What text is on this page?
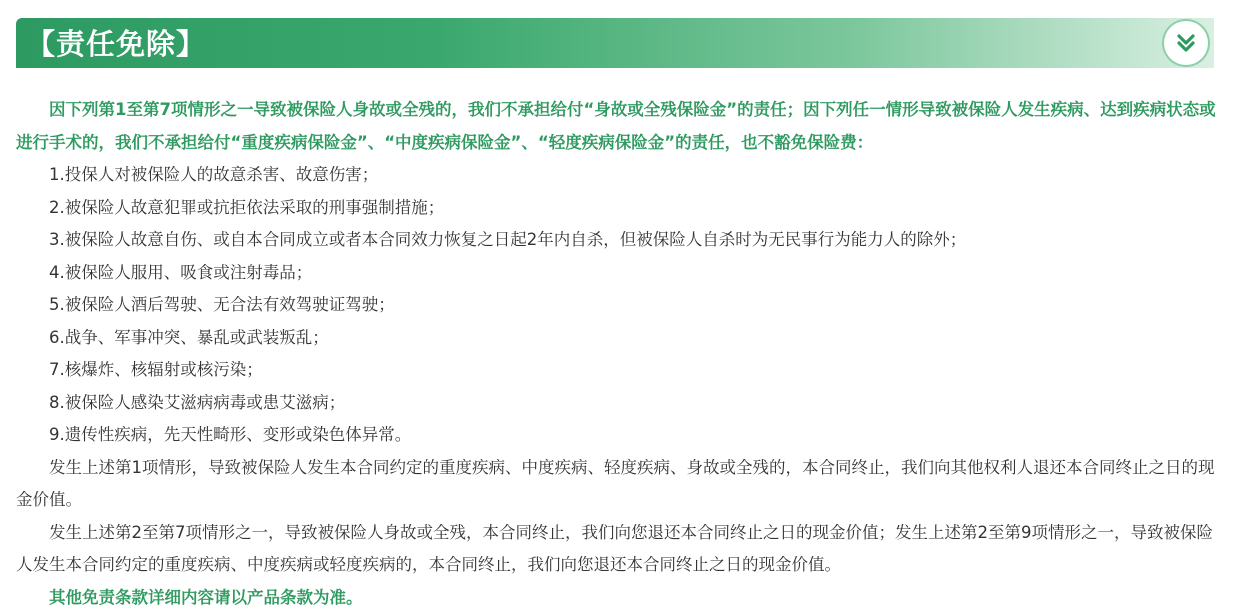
【责任免除】

因下列第1至第7项情形之一导致被保险人身故或全残的，我们不承担给付“身故或全残保险金”的责任；因下列任一情形导致被保险人发生疾病、达到疾病状态或进行手术的，我们不承担给付“重度疾病保险金”、“中度疾病保险金”、“轻度疾病保险金”的责任，也不豁免保险费：

1.投保人对被保险人的故意杀害、故意伤害；
2.被保险人故意犯罪或抗拒依法采取的刑事强制措施；
3.被保险人故意自伤、或自本合同成立或者本合同效力恢复之日起2年内自杀，但被保险人自杀时为无民事行为能力人的除外；
4.被保险人服用、吸食或注射毒品；
5.被保险人酒后驾驶、无合法有效驾驶证驾驶；
6.战争、军事冲突、暴乱或武装叛乱；
7.核爆炸、核辐射或核污染；
8.被保险人感染艾滋病病毒或患艾滋病；
9.遗传性疾病，先天性畸形、变形或染色体异常。

发生上述第1项情形，导致被保险人发生本合同约定的重度疾病、中度疾病、轻度疾病、身故或全残的，本合同终止，我们向其他权利人退还本合同终止之日的现金价值。

发生上述第2至第7项情形之一，导致被保险人身故或全残，本合同终止，我们向您退还本合同终止之日的现金价值；发生上述第2至第9项情形之一，导致被保险人发生本合同约定的重度疾病、中度疾病或轻度疾病的，本合同终止，我们向您退还本合同终止之日的现金价值。

其他免责条款详细内容请以产品条款为准。
